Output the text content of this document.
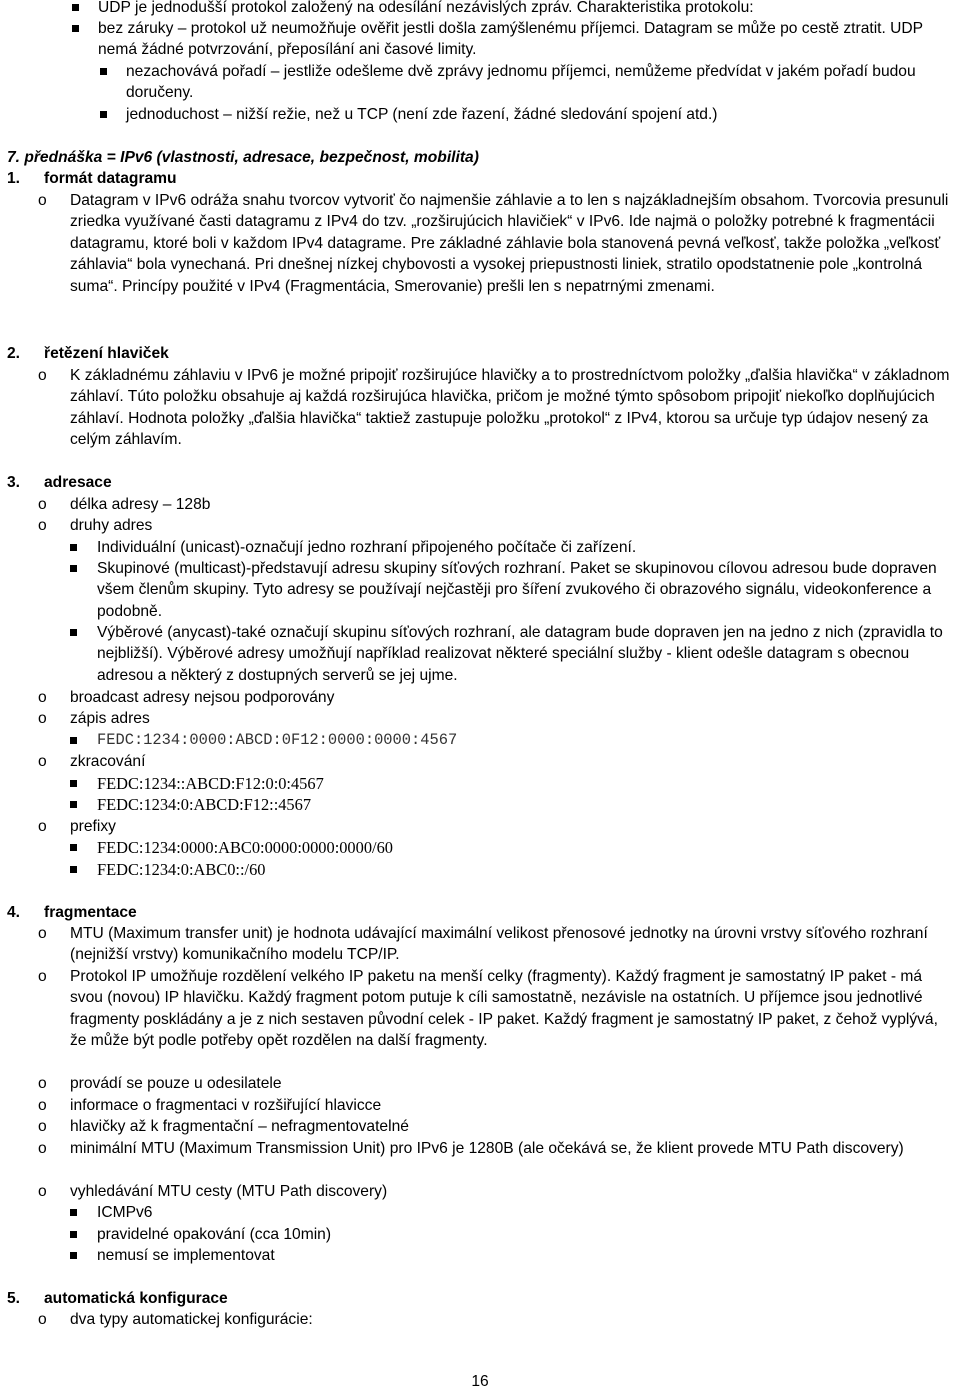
UDP je jednodušší protokol založený na odesílání nezávislých zpráv. Charakteristika protokolu:
bez záruky – protokol už neumožňuje ověřit jestli došla zamýšlenému příjemci. Datagram se může po cestě ztratit. UDP nemá žádné potvrzování, přeposílání ani časové limity.
nezachovává pořadí – jestliže odešleme dvě zprávy jednomu příjemci, nemůžeme předvídat v jakém pořadí budou doručeny.
jednoduchost – nižší režie, než u TCP (není zde řazení, žádné sledování spojení atd.)
7. přednáška = IPv6 (vlastnosti, adresace, bezpečnost, mobilita)
1. formát datagramu
o Datagram v IPv6 odráža snahu tvorcov vytvoriť čo najmenšie záhlavie a to len s najzákladnejším obsahom. Tvorcovia presunuli zriedka využívané časti datagramu z IPv4 do tzv. „rozširujúcich hlavičiek“ v IPv6. Ide najmä o položky potrebné k fragmentácii datagramu, ktoré boli v každom IPv4 datagrame. Pre základné záhlavie bola stanovená pevná veľkosť, takže položka „veľkosť záhlavia“ bola vynechaná. Pri dnešnej nízkej chybovosti a vysokej priepustnosti liniek, stratilo opodstatnenie pole „kontrolná suma“. Princípy použité v IPv4 (Fragmentácia, Smerovanie) prešli len s nepatrnými zmenami.
2. řetězení hlaviček
o K základnému záhlaviu v IPv6 je možné pripojiť rozširujúce hlavičky a to prostredníctvom položky „ďalšia hlavička“ v základnom záhlaví. Túto položku obsahuje aj každá rozširujúca hlavička, pričom je možné týmto spôsobom pripojiť niekoľko doplňujúcich záhlaví. Hodnota položky „ďalšia hlavička“ taktiež zastupuje položku „protokol“ z IPv4, ktorou sa určuje typ údajov nesený za celým záhlavím.
3. adresace
o délka adresy – 128b
o druhy adres
Individuální (unicast)-označují jedno rozhraní připojeného počítače či zařízení.
Skupinové (multicast)-představují adresu skupiny síťových rozhraní. Paket se skupinovou cílovou adresou bude dopraven všem členům skupiny. Tyto adresy se používají nejčastěji pro šíření zvukového či obrazového signálu, videokonference a podobně.
Výběrové (anycast)-také označují skupinu síťových rozhraní, ale datagram bude dopraven jen na jedno z nich (zpravidla to nejbližší). Výběrové adresy umožňují například realizovat některé speciální služby - klient odešle datagram s obecnou adresou a některý z dostupných serverů se jej ujme.
o broadcast adresy nejsou podporovány
o zápis adres
FEDC:1234:0000:ABCD:0F12:0000:0000:4567
o zkracování
FEDC:1234::ABCD:F12:0:0:4567
FEDC:1234:0:ABCD:F12::4567
o prefixy
FEDC:1234:0000:ABC0:0000:0000:0000/60
FEDC:1234:0:ABC0::/60
4. fragmentace
o MTU (Maximum transfer unit) je hodnota udávající maximální velikost přenosové jednotky na úrovni vrstvy síťového rozhraní (nejnižší vrstvy) komunikačního modelu TCP/IP.
o Protokol IP umožňuje rozdělení velkého IP paketu na menší celky (fragmenty). Každý fragment je samostatný IP paket - má svou (novou) IP hlavičku. Každý fragment potom putuje k cíli samostatně, nezávisle na ostatních. U příjemce jsou jednotlivé fragmenty poskládány a je z nich sestaven původní celek - IP paket. Každý fragment je samostatný IP paket, z čehož vyplývá, že může být podle potřeby opět rozdělen na další fragmenty.
o provádí se pouze u odesilatele
o informace o fragmentaci v rozšiřující hlavicce
o hlavičky až k fragmentační – nefragmentovatelné
o minimální MTU (Maximum Transmission Unit) pro IPv6 je 1280B (ale očekává se, že klient provede MTU Path discovery)
o vyhledávání MTU cesty (MTU Path discovery)
ICMPv6
pravidelné opakování (cca 10min)
nemusí se implementovat
5. automatická konfigurace
o dva typy automatickej konfigurácie:
16
